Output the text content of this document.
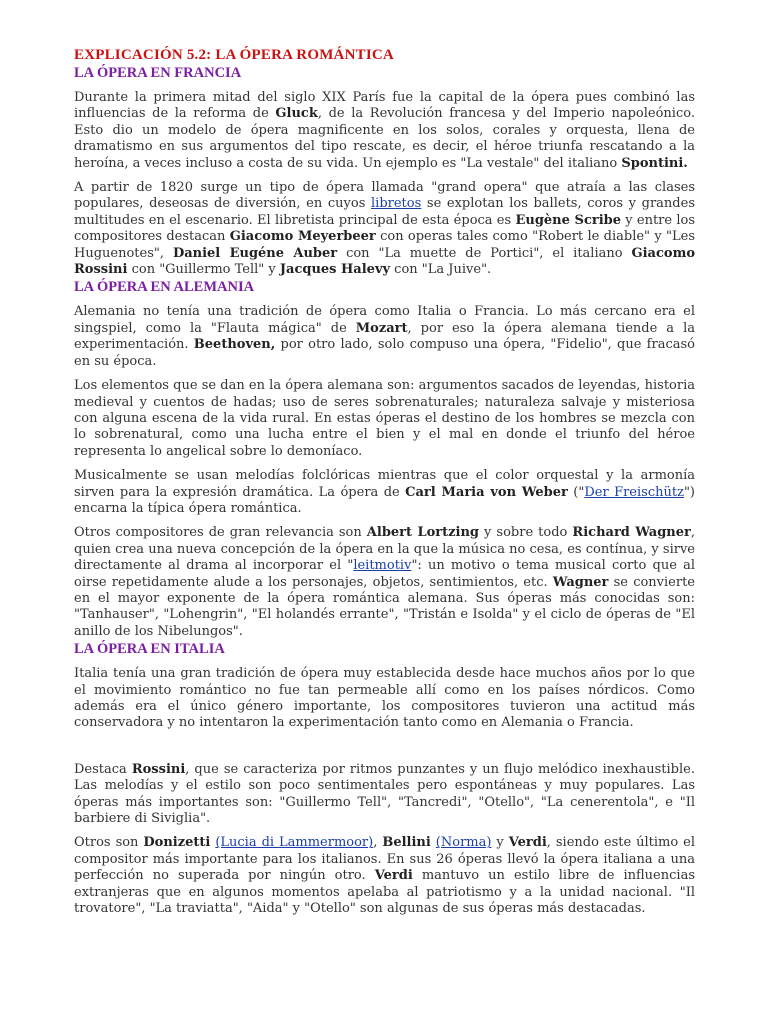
EXPLICACIÓN 5.2: LA ÓPERA ROMÁNTICA
LA ÓPERA EN FRANCIA

Durante la primera mitad del siglo XIX París fue la capital de la ópera pues combinó las influencias de la reforma de Gluck, de la Revolución francesa y del Imperio napoleónico. Esto dio un modelo de ópera magnificente en los solos, corales y orquesta, llena de dramatismo en sus argumentos del tipo rescate, es decir, el héroe triunfa rescatando a la heroína, a veces incluso a costa de su vida. Un ejemplo es "La vestale" del italiano Spontini.

A partir de 1820 surge un tipo de ópera llamada "grand opera" que atraía a las clases populares, deseosas de diversión, en cuyos libretos se explotan los ballets, coros y grandes multitudes en el escenario. El libretista principal de esta época es Eugène Scribe y entre los compositores destacan Giacomo Meyerbeer con operas tales como "Robert le diable" y "Les Huguenotes", Daniel Eugéne Auber con "La muette de Portici", el italiano Giacomo Rossini con "Guillermo Tell" y Jacques Halevy con "La Juive".

LA ÓPERA EN ALEMANIA

Alemania no tenía una tradición de ópera como Italia o Francia. Lo más cercano era el singspiel, como la "Flauta mágica" de Mozart, por eso la ópera alemana tiende a la experimentación. Beethoven, por otro lado, solo compuso una ópera, "Fidelio", que fracasó en su época.

Los elementos que se dan en la ópera alemana son: argumentos sacados de leyendas, historia medieval y cuentos de hadas; uso de seres sobrenaturales; naturaleza salvaje y misteriosa con alguna escena de la vida rural. En estas óperas el destino de los hombres se mezcla con lo sobrenatural, como una lucha entre el bien y el mal en donde el triunfo del héroe representa lo angelical sobre lo demoníaco.

Musicalmente se usan melodías folclóricas mientras que el color orquestal y la armonía sirven para la expresión dramática. La ópera de Carl Maria von Weber ("Der Freischütz") encarna la típica ópera romántica.

Otros compositores de gran relevancia son Albert Lortzing y sobre todo Richard Wagner, quien crea una nueva concepción de la ópera en la que la música no cesa, es contínua, y sirve directamente al drama al incorporar el "leitmotiv": un motivo o tema musical corto que al oirse repetidamente alude a los personajes, objetos, sentimientos, etc. Wagner se convierte en el mayor exponente de la ópera romántica alemana. Sus óperas más conocidas son: "Tanhauser", "Lohengrin", "El holandés errante", "Tristán e Isolda" y el ciclo de óperas de "El anillo de los Nibelungos".

LA ÓPERA EN ITALIA

Italia tenía una gran tradición de ópera muy establecida desde hace muchos años por lo que el movimiento romántico no fue tan permeable allí como en los países nórdicos. Como además era el único género importante, los compositores tuvieron una actitud más conservadora y no intentaron la experimentación tanto como en Alemania o Francia.

Destaca Rossini, que se caracteriza por ritmos punzantes y un flujo melódico inexhaustible. Las melodías y el estilo son poco sentimentales pero espontáneas y muy populares. Las óperas más importantes son: "Guillermo Tell", "Tancredi", "Otello", "La cenerentola", e "Il barbiere di Siviglia".

Otros son Donizetti (Lucia di Lammermoor), Bellini (Norma) y Verdi, siendo este último el compositor más importante para los italianos. En sus 26 óperas llevó la ópera italiana a una perfección no superada por ningún otro. Verdi mantuvo un estilo libre de influencias extranjeras que en algunos momentos apelaba al patriotismo y a la unidad nacional. "Il trovatore", "La traviatta", "Aida" y "Otello" son algunas de sus óperas más destacadas.
